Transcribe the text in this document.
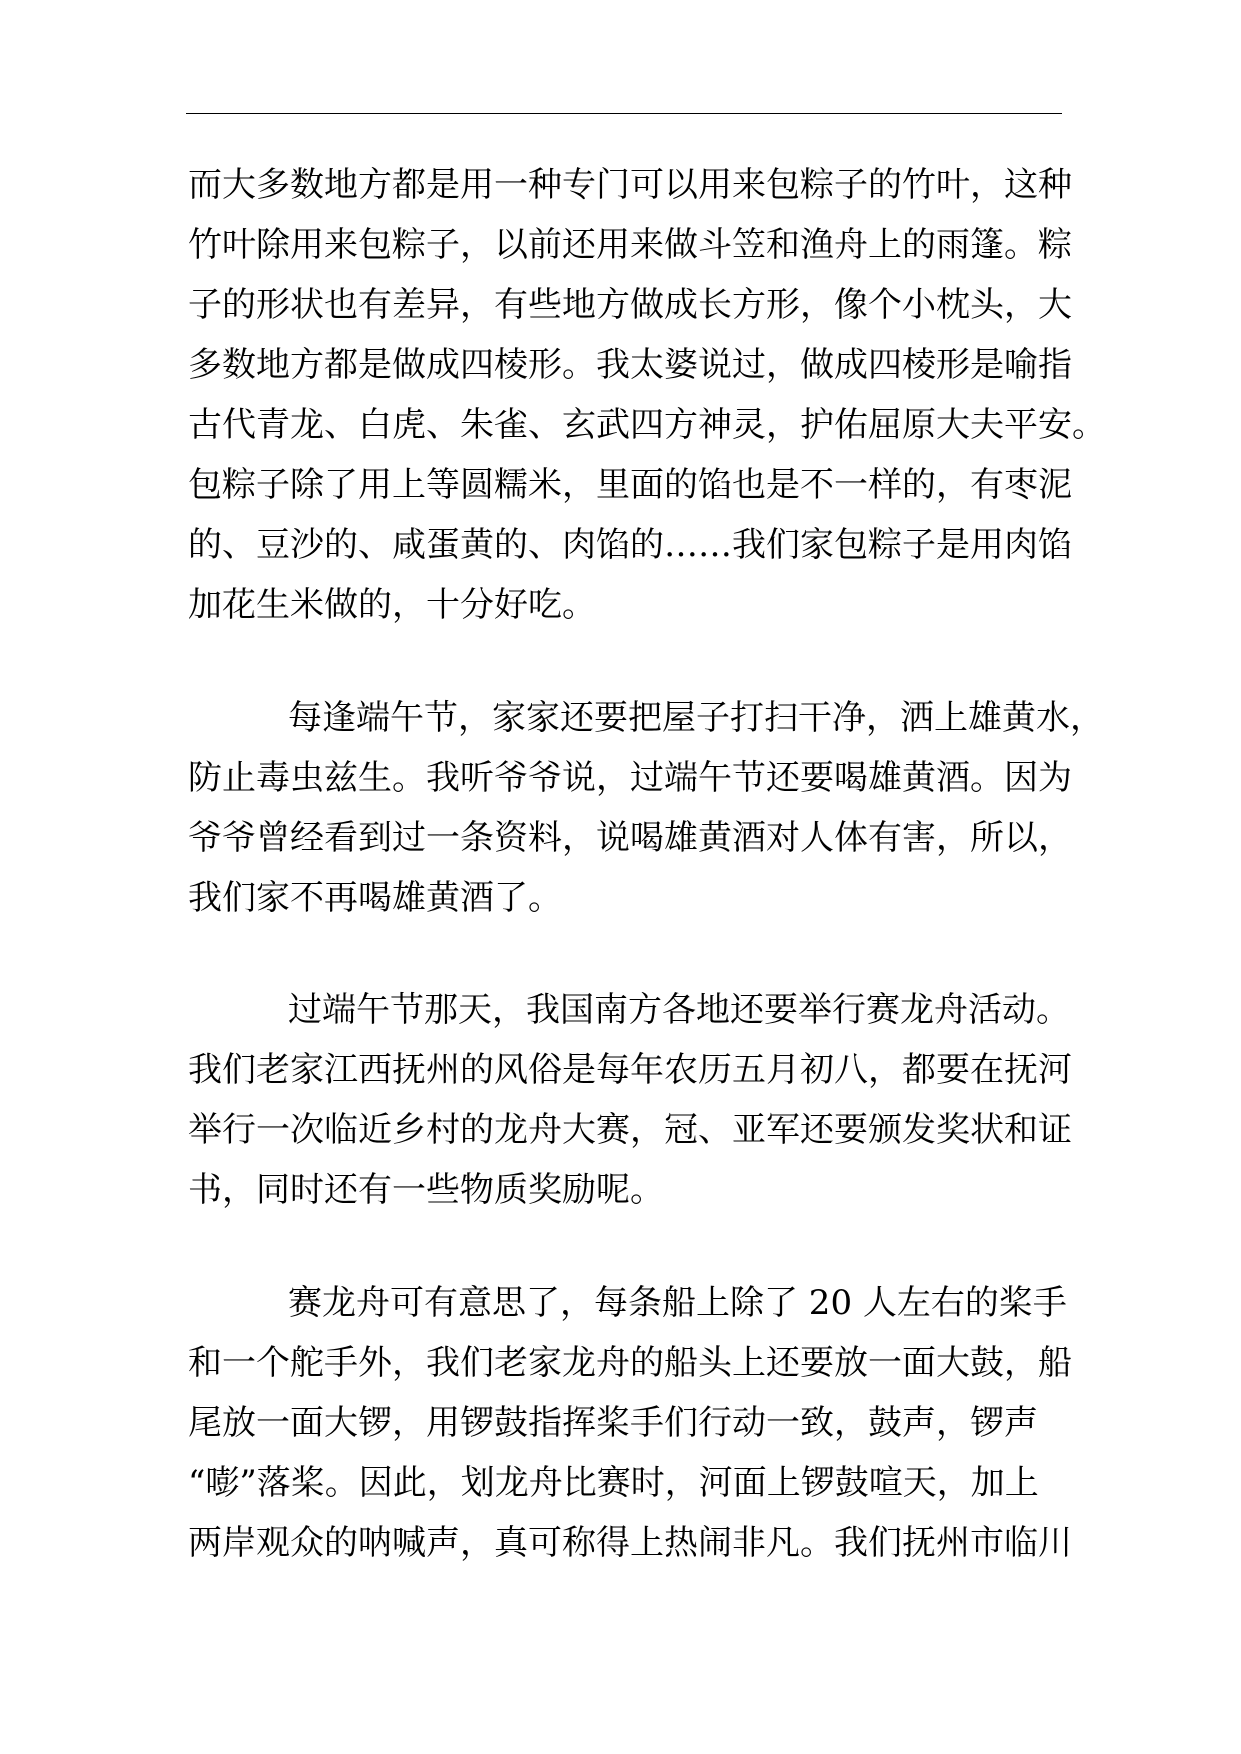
而大多数地方都是用一种专门可以用来包粽子的竹叶，这种
竹叶除用来包粽子，以前还用来做斗笠和渔舟上的雨篷。粽
子的形状也有差异，有些地方做成长方形，像个小枕头，大
多数地方都是做成四棱形。我太婆说过，做成四棱形是喻指
古代青龙、白虎、朱雀、玄武四方神灵，护佑屈原大夫平安。
包粽子除了用上等圆糯米，里面的馅也是不一样的，有枣泥
的、豆沙的、咸蛋黄的、肉馅的……我们家包粽子是用肉馅
加花生米做的，十分好吃。
每逢端午节，家家还要把屋子打扫干净，洒上雄黄水，
防止毒虫兹生。我听爷爷说，过端午节还要喝雄黄酒。因为
爷爷曾经看到过一条资料，说喝雄黄酒对人体有害，所以，
我们家不再喝雄黄酒了。
过端午节那天，我国南方各地还要举行赛龙舟活动。
我们老家江西抚州的风俗是每年农历五月初八，都要在抚河
举行一次临近乡村的龙舟大赛，冠、亚军还要颁发奖状和证
书，同时还有一些物质奖励呢。
赛龙舟可有意思了，每条船上除了 20 人左右的桨手
和一个舵手外，我们老家龙舟的船头上还要放一面大鼓，船
尾放一面大锣，用锣鼓指挥桨手们行动一致，鼓声，锣声
“嘭”落桨。因此，划龙舟比赛时，河面上锣鼓喧天，加上
两岸观众的呐喊声，真可称得上热闹非凡。我们抚州市临川
